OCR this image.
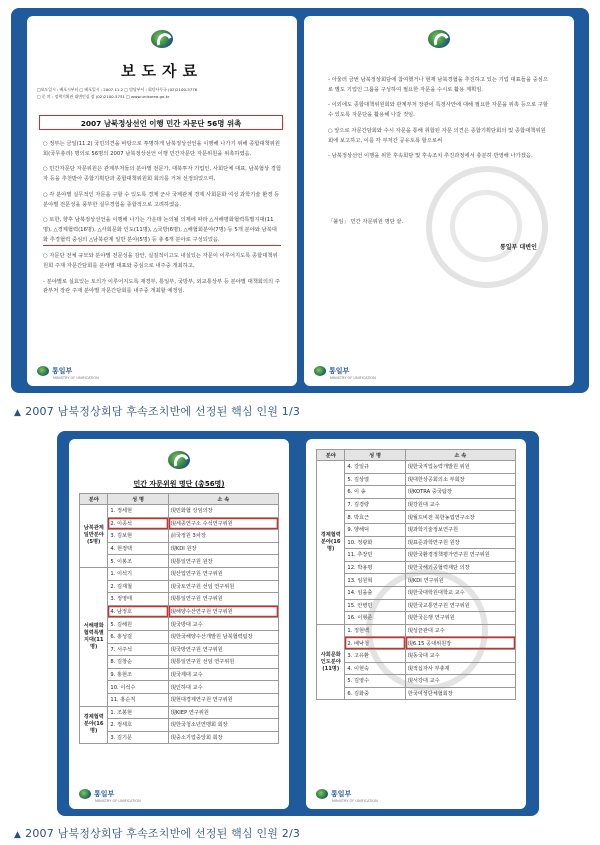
보도자료
□보도일시 : 배포시부터 □ 배포일시 : 2007.11.2 □ 담당부서 : 회담사무국 (02)2100-5776
□ 문 의 : 정책기획관 대변인실 장 (02)2100-5751 □ www.unikorea.go.kr
2007 남북정상선언 이행 민간 자문단 56명 위촉

○ 정부는 금일(11.2) 국민의견을 바탕으로 투명하게 남북정상선언을 이행해 나가기 위해 종합대책위원회(국무총리) 명의로 56명의 2007 남북정상선언 이행 민간자문단 자문위원을 위촉하였음.

○ 민간자문단 자문위원은 관계부처들의 분야별 전문가, 대북투자 기업인, 사회단체 대표, 남북협상 경험자 등을 추천받아 종합기획단과 종합대책위원회 회의를 거쳐 선정되었으며,

○ 각 분야별 실무적인 자문을 구할 수 있도록 경제 군사 국제관계 경제 사회문화 여성 과학기술 환경 등 분야별 전문성을 풍부한 실무경험을 종합적으로 고려하였음.

○ 또한, 향후 남북정상선언을 이행해 나가는 가운데 논의될 의제에 따라 △서해평화협력특별지대(11명), △경제협력(16명), △사회문화 인도(11명), △국방(6명), △해협회분야(7명) 등 5개 분야와 남북대화 추경협력 중심의 △남북관계 일반 분야(5명) 등 총 6개 분야로 구성되었음.

○ 자문단 전체 규모와 분야별 전문성을 감안, 실질적이고도 내실있는 자문이 이루어지도록 종합대책위원회 주재 자문간담회를 분야별 대표와 중심으로 내주중 개최하고,

- 분야별로 실효있는 토의가 이루어지도록 재경부, 통일부, 국방부, 외교통상부 등 분야별 대책회의의 주관부처 장관 주재 분야별 자문간담회를 내주중 개최할 예정임.

통일부
MINISTRY OF UNIFICATION

- 아울러 금번 남북정상회담에 참여했거나 현재 남북경협을 추진하고 있는 기업 대표들을 중심으로 별도 기업인 그룹을 구성하여 필요한 자문을 수시로 활용 계획임.

- 이외에도 종합대책위원회와 관계부처 장관이 특정사안에 대해 필요한 자문을 위촉 등으로 구할 수 있도록 자문단을 활용해 나갈 것임.

○ 앞으로 자문간담회와 수시 자문을 통해 취합된 자문 의견은 종합기획단회의 및 종합대책위원회에 보고하고, 이를 각 부처간 공유토록 할으로써

- 남북정상선언 이행을 위한 후속회담 및 후속조치 추진과정에서 충분히 반영해 나가겠음.

「붙임」 민간 자문위원 명단 끝.
통일부 대변인
통일부
MINISTRY OF UNIFICATION
▲ 2007 남북정상회담 후속조치반에 선정된 핵심 인원 1/3
민간 자문위원 명단 (총56명)
분야	성 명	소 속
남북관계일반분야(5명)	1. 정세현	現민화협 상임의장
	2. 이종석	現세종연구소 수석연구위원
	3. 김보현	前국정원 3차장
	4. 현정택	現KDI 원장
	5. 이봉조	現통일연구원 원장
서해평화협력특별지대(11명)	1. 이석기	現산업연구원 연구위원
	2. 김재철	現국토연구원 선임 연구위원
	3. 정영태	現통일연구원 연구위원
	4. 남정호	現해양수산연구원 연구위원
	5. 김해원	現국방대 교수
	6. 홍성걸	現한국해양수산개발원 남북협력팀장
	7. 서주석	現국방연구원 연구위원
	8. 김창순	現통일연구원 선임 연구위원
	9. 홍현조	現국제대 교수
	10. 이석수	現인하대 교수
	11. 홍순직	現현대경제연구원 연구위원
경제협력분야(16명)	1. 조봉현	現KIEP 연구위원
	2. 정세호	現한국청소년연맹회 회장
	3. 김기문	現중소기업중앙회 회장
통일부
MINISTRY OF UNIFICATION
분야	성 명	소 속
경제협력분야(16명)	4. 강일규	現한국직업능력개발원 위원
	5. 김상열	現대한상공회의소 부회장
	6. 이 송	現KOTRA 중국팀장
	7. 김경량	現강원대 교수
	8. 박효근	現월드비전 북한농업연구소장
	9. 양해덕	現과학기술정보연구원
	10. 정광화	現표준과학연구원 원장
	11. 추장민	現한국환경정책평가연구원 연구위원
	12. 박용평	現한국해외공협력재단 의장
	13. 임원혁	現KDI 연구위원
	14. 임을출	現한국대학원대학교 교수
	15. 안병민	現한국교통연구원 연구위원
	16. 이형준	現한국은행 연구위원
사회문화인도분야(11명)	1. 정현백	現성균관대 교수
	2. 배낙청	現6.15 공대위원장
	3. 고유환	現동국대 교수
	4. 이현숙	現적십자사 부총재
	5. 김영수	現서강대 교수
	6. 김화중	한국여성단체협회장
통일부
MINISTRY OF UNIFICATION
▲ 2007 남북정상회담 후속조치반에 선정된 핵심 인원 2/3
